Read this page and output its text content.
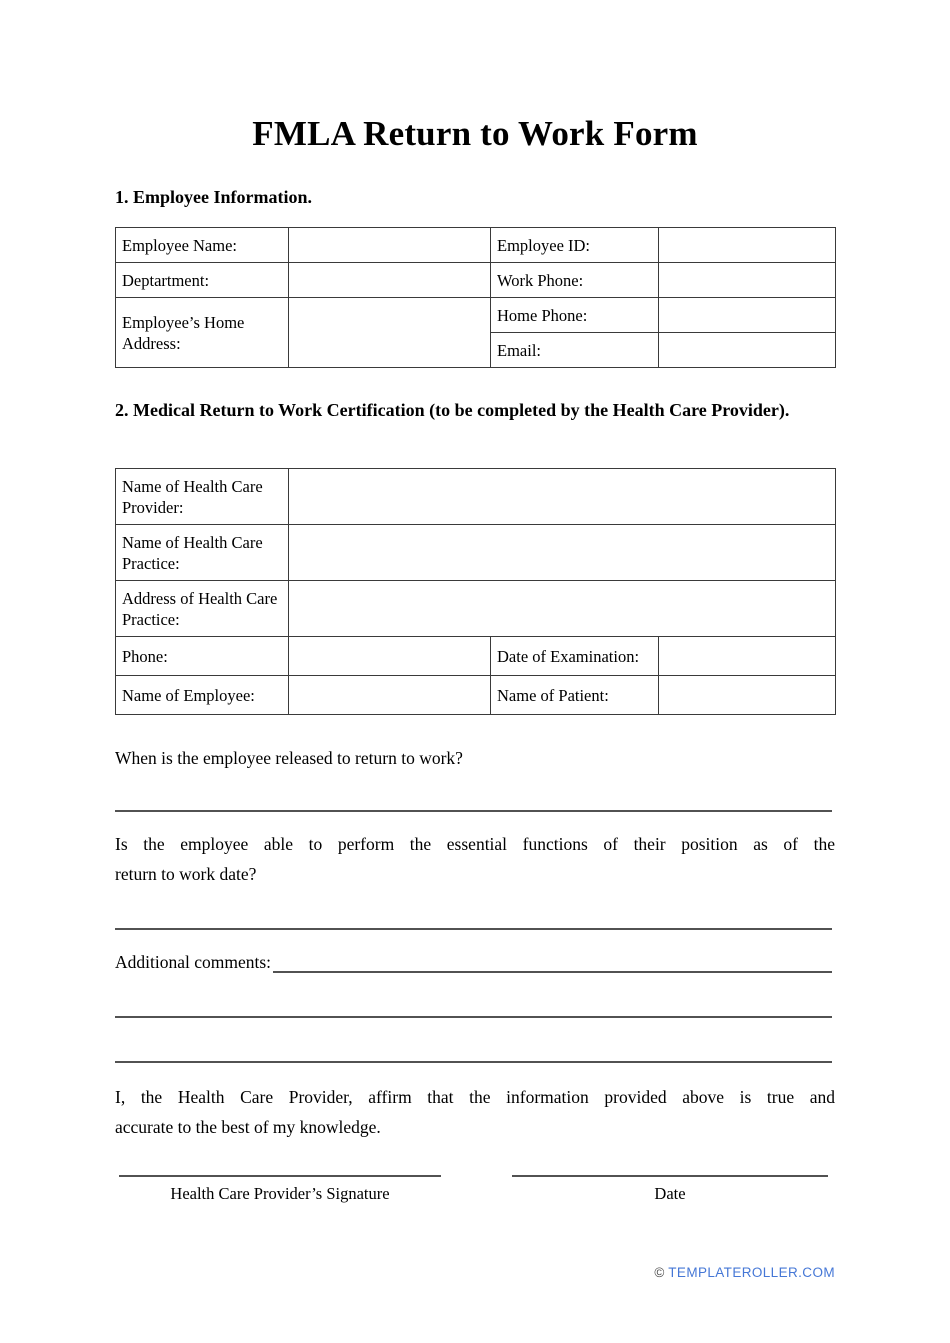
FMLA Return to Work Form
1. Employee Information.
Employee Name:		Employee ID:	
Deptartment:		Work Phone:	
Employee’s Home Address:		Home Phone:	
		Email:	
2. Medical Return to Work Certification (to be completed by the Health Care Provider).
Name of Health Care Provider:			
Name of Health Care Practice:			
Address of Health Care Practice:			
Phone:		Date of Examination:	
Name of Employee:		Name of Patient:	
When is the employee released to return to work?
Is the employee able to perform the essential functions of their position as of the
return to work date?
Additional comments:
I, the Health Care Provider, affirm that the information provided above is true and
accurate to the best of my knowledge.
Health Care Provider’s Signature	Date
© TEMPLATEROLLER.COM
